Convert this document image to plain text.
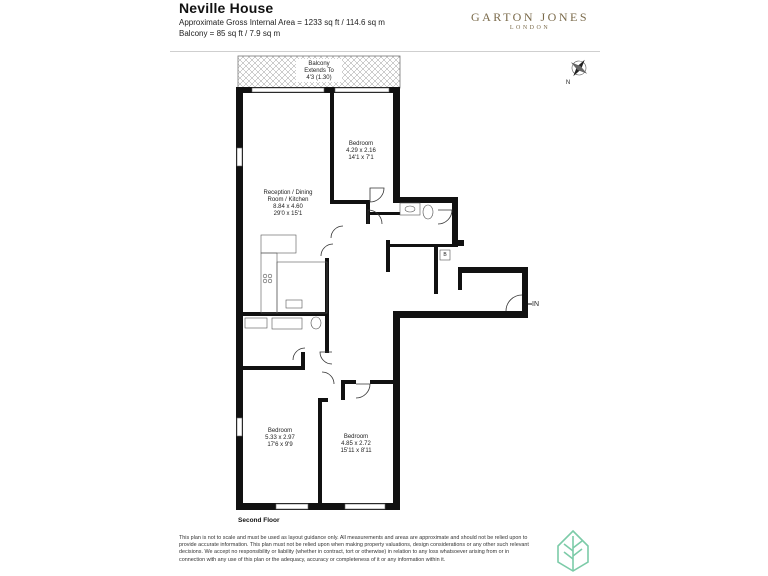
Neville House
Approximate Gross Internal Area = 1233 sq ft / 114.6 sq m
Balcony = 85 sq ft / 7.9 sq m
GARTON JONES
LONDON
Balcony
Extends To
4'3 (1.30)
Bedroom
4.29 x 2.16
14'1 x 7'1
Reception / Dining
Room / Kitchen
8.84 x 4.60
29'0 x 15'1
Bedroom
5.33 x 2.97
17'6 x 9'9
Bedroom
4.85 x 2.72
15'11 x 8'11
B
IN
N
Second Floor
This plan is not to scale and must be used as layout guidance only. All measurements and areas are approximate and should not be relied upon to provide accurate information. This plan must not be relied upon when making property valuations, design considerations or any other such relevant decisions. We accept no responsibility or liability (whether in contract, tort or otherwise) in relation to any loss whatsoever arising from or in connection with any use of this plan or the adequacy, accuracy or completeness of it or any information within it.
